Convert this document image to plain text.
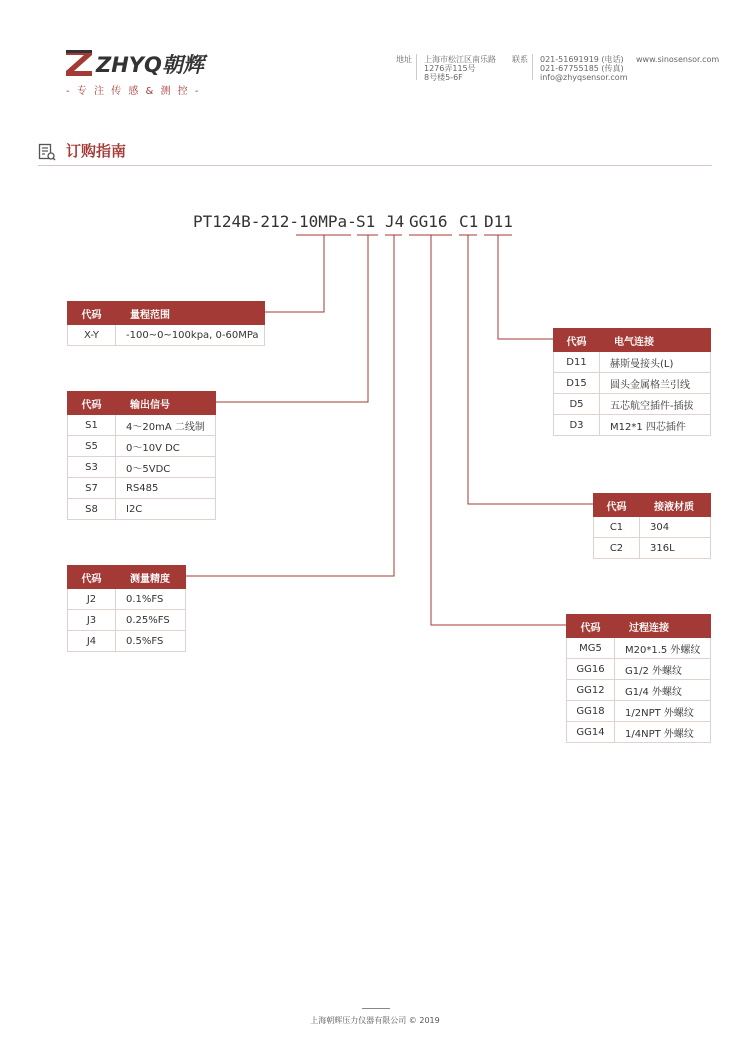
ZHYQ朝辉
- 专 注 传 感 & 测 控 -
地址 上海市松江区南乐路
1276弄115号
8号楼5-6F
联系 021-51691919 (电话)
021-67755185 (传真)
info@zhyqsensor.com
www.sinosensor.com
订购指南
PT124B-212-10MPa- S1 J4 GG16 C1 D11
代码	量程范围
X-Y	-100~0~100kpa, 0-60MPa
代码	输出信号
S1	4～20mA 二线制
S5	0～10V DC
S3	0～5VDC
S7	RS485
S8	I2C
代码	测量精度
J2	0.1%FS
J3	0.25%FS
J4	0.5%FS
代码	电气连接
D11	赫斯曼接头(L)
D15	圆头金属格兰引线
D5	五芯航空插件-插拔
D3	M12*1 四芯插件
代码	接液材质
C1	304
C2	316L
代码	过程连接
MG5	M20*1.5 外螺纹
GG16	G1/2 外螺纹
GG12	G1/4 外螺纹
GG18	1/2NPT 外螺纹
GG14	1/4NPT 外螺纹
上海朝辉压力仪器有限公司 © 2019
